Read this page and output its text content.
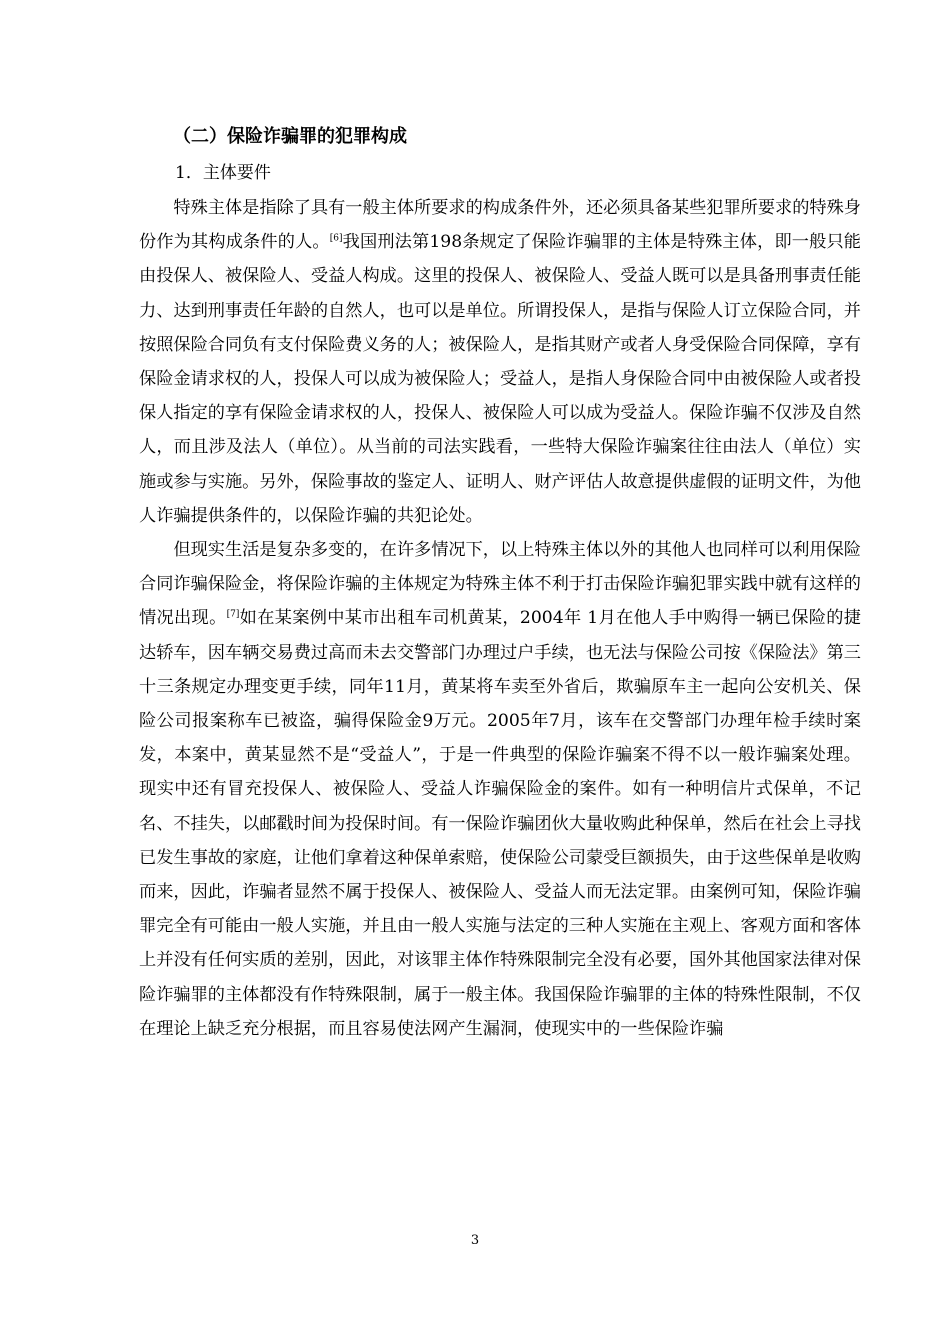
（二）保险诈骗罪的犯罪构成
1．主体要件

特殊主体是指除了具有一般主体所要求的构成条件外，还必须具备某些犯罪所要求的特殊身份作为其构成条件的人。[6]我国刑法第198条规定了保险诈骗罪的主体是特殊主体，即一般只能由投保人、被保险人、受益人构成。这里的投保人、被保险人、受益人既可以是具备刑事责任能力、达到刑事责任年龄的自然人，也可以是单位。所谓投保人，是指与保险人订立保险合同，并按照保险合同负有支付保险费义务的人；被保险人，是指其财产或者人身受保险合同保障，享有保险金请求权的人，投保人可以成为被保险人；受益人，是指人身保险合同中由被保险人或者投保人指定的享有保险金请求权的人，投保人、被保险人可以成为受益人。保险诈骗不仅涉及自然人，而且涉及法人（单位）。从当前的司法实践看，一些特大保险诈骗案往往由法人（单位）实施或参与实施。另外，保险事故的鉴定人、证明人、财产评估人故意提供虚假的证明文件，为他人诈骗提供条件的，以保险诈骗的共犯论处。

但现实生活是复杂多变的，在许多情况下，以上特殊主体以外的其他人也同样可以利用保险合同诈骗保险金，将保险诈骗的主体规定为特殊主体不利于打击保险诈骗犯罪实践中就有这样的情况出现。[7]如在某案例中某市出租车司机黄某，2004年 1月在他人手中购得一辆已保险的捷达轿车，因车辆交易费过高而未去交警部门办理过户手续，也无法与保险公司按《保险法》第三十三条规定办理变更手续，同年11月，黄某将车卖至外省后，欺骗原车主一起向公安机关、保险公司报案称车已被盗，骗得保险金9万元。2005年7月，该车在交警部门办理年检手续时案发，本案中，黄某显然不是“受益人”，于是一件典型的保险诈骗案不得不以一般诈骗案处理。现实中还有冒充投保人、被保险人、受益人诈骗保险金的案件。如有一种明信片式保单，不记名、不挂失，以邮戳时间为投保时间。有一保险诈骗团伙大量收购此种保单，然后在社会上寻找已发生事故的家庭，让他们拿着这种保单索赔，使保险公司蒙受巨额损失，由于这些保单是收购而来，因此，诈骗者显然不属于投保人、被保险人、受益人而无法定罪。由案例可知，保险诈骗罪完全有可能由一般人实施，并且由一般人实施与法定的三种人实施在主观上、客观方面和客体上并没有任何实质的差别，因此，对该罪主体作特殊限制完全没有必要，国外其他国家法律对保险诈骗罪的主体都没有作特殊限制，属于一般主体。我国保险诈骗罪的主体的特殊性限制，不仅在理论上缺乏充分根据，而且容易使法网产生漏洞，使现实中的一些保险诈骗

3
